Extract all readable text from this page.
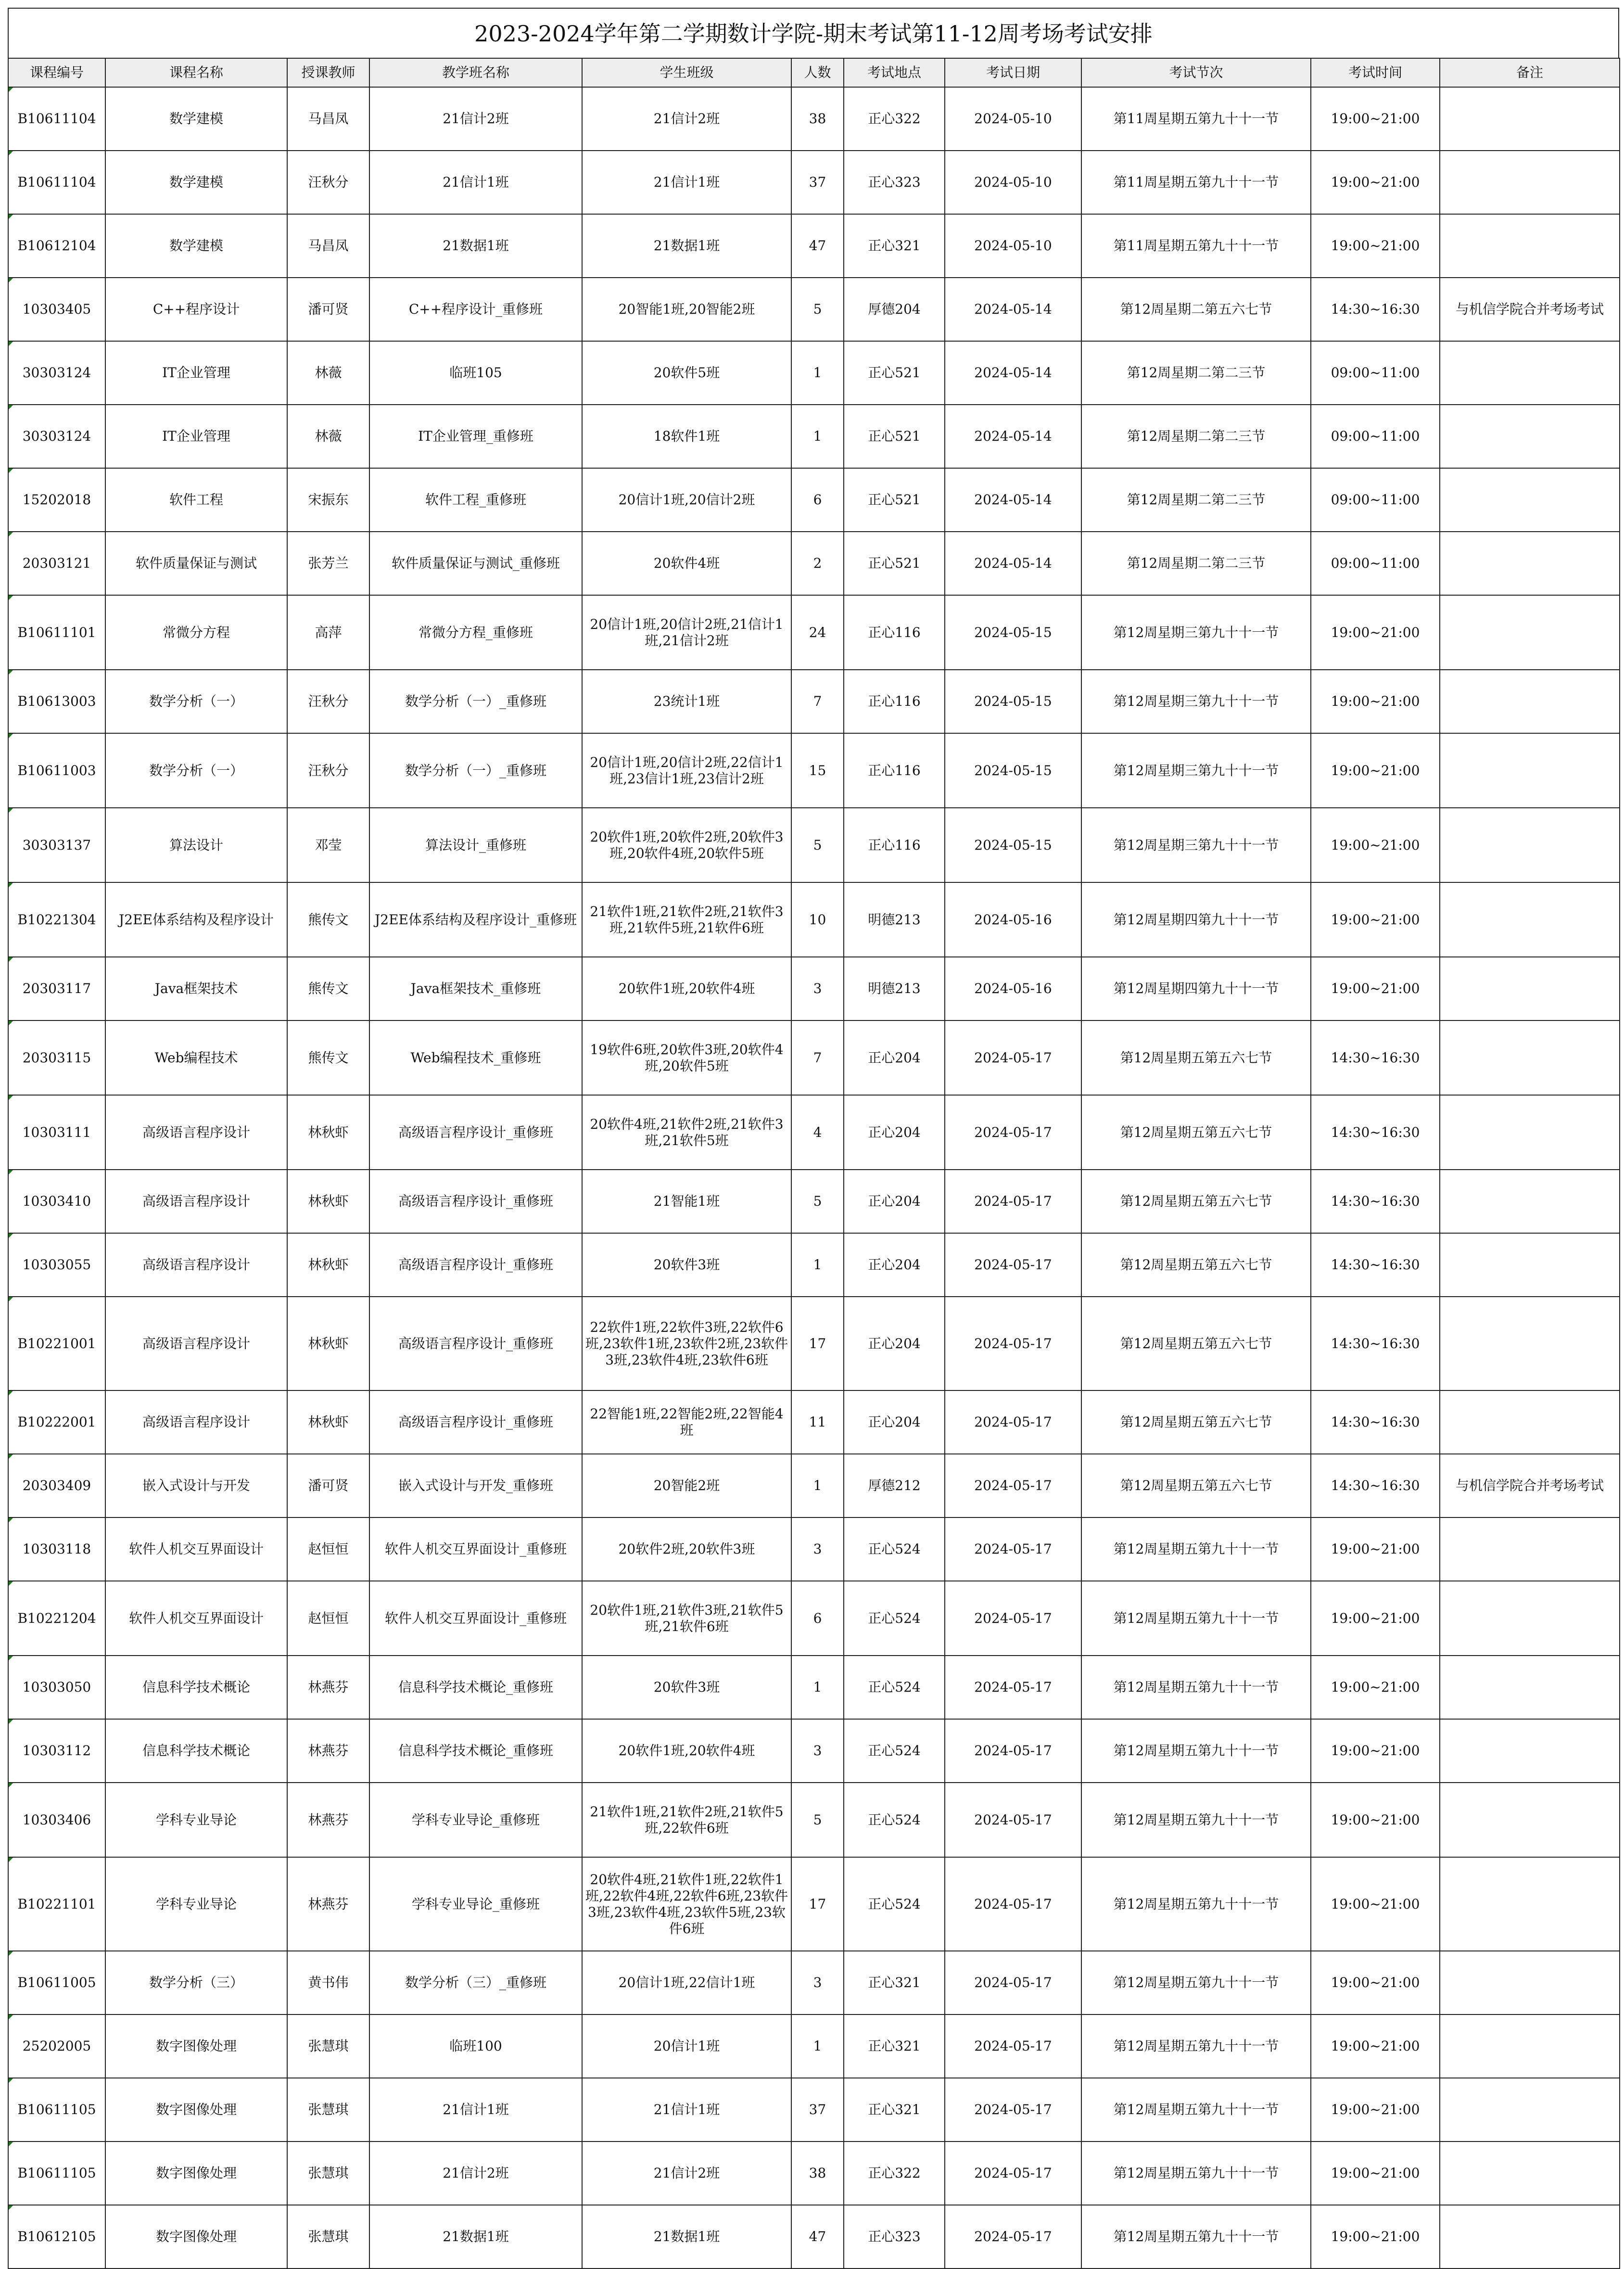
2023-2024学年第二学期数计学院-期末考试第11-12周考场考试安排
课程编号	课程名称	授课教师	教学班名称	学生班级	人数	考试地点	考试日期	考试节次	考试时间	备注
B10611104	数学建模	马昌凤	21信计2班	21信计2班	38	正心322	2024-05-10	第11周星期五第九十十一节	19:00~21:00	
B10611104	数学建模	汪秋分	21信计1班	21信计1班	37	正心323	2024-05-10	第11周星期五第九十十一节	19:00~21:00	
B10612104	数学建模	马昌凤	21数据1班	21数据1班	47	正心321	2024-05-10	第11周星期五第九十十一节	19:00~21:00	
10303405	C++程序设计	潘可贤	C++程序设计_重修班	20智能1班,20智能2班	5	厚德204	2024-05-14	第12周星期二第五六七节	14:30~16:30	与机信学院合并考场考试
30303124	IT企业管理	林薇	临班105	20软件5班	1	正心521	2024-05-14	第12周星期二第二三节	09:00~11:00	
30303124	IT企业管理	林薇	IT企业管理_重修班	18软件1班	1	正心521	2024-05-14	第12周星期二第二三节	09:00~11:00	
15202018	软件工程	宋振东	软件工程_重修班	20信计1班,20信计2班	6	正心521	2024-05-14	第12周星期二第二三节	09:00~11:00	
20303121	软件质量保证与测试	张芳兰	软件质量保证与测试_重修班	20软件4班	2	正心521	2024-05-14	第12周星期二第二三节	09:00~11:00	
B10611101	常微分方程	高萍	常微分方程_重修班	20信计1班,20信计2班,21信计1班,21信计2班	24	正心116	2024-05-15	第12周星期三第九十十一节	19:00~21:00	
B10613003	数学分析（一）	汪秋分	数学分析（一）_重修班	23统计1班	7	正心116	2024-05-15	第12周星期三第九十十一节	19:00~21:00	
B10611003	数学分析（一）	汪秋分	数学分析（一）_重修班	20信计1班,20信计2班,22信计1班,23信计1班,23信计2班	15	正心116	2024-05-15	第12周星期三第九十十一节	19:00~21:00	
30303137	算法设计	邓莹	算法设计_重修班	20软件1班,20软件2班,20软件3班,20软件4班,20软件5班	5	正心116	2024-05-15	第12周星期三第九十十一节	19:00~21:00	
B10221304	J2EE体系结构及程序设计	熊传文	J2EE体系结构及程序设计_重修班	21软件1班,21软件2班,21软件3班,21软件5班,21软件6班	10	明德213	2024-05-16	第12周星期四第九十十一节	19:00~21:00	
20303117	Java框架技术	熊传文	Java框架技术_重修班	20软件1班,20软件4班	3	明德213	2024-05-16	第12周星期四第九十十一节	19:00~21:00	
20303115	Web编程技术	熊传文	Web编程技术_重修班	19软件6班,20软件3班,20软件4班,20软件5班	7	正心204	2024-05-17	第12周星期五第五六七节	14:30~16:30	
10303111	高级语言程序设计	林秋虾	高级语言程序设计_重修班	20软件4班,21软件2班,21软件3班,21软件5班	4	正心204	2024-05-17	第12周星期五第五六七节	14:30~16:30	
10303410	高级语言程序设计	林秋虾	高级语言程序设计_重修班	21智能1班	5	正心204	2024-05-17	第12周星期五第五六七节	14:30~16:30	
10303055	高级语言程序设计	林秋虾	高级语言程序设计_重修班	20软件3班	1	正心204	2024-05-17	第12周星期五第五六七节	14:30~16:30	
B10221001	高级语言程序设计	林秋虾	高级语言程序设计_重修班	22软件1班,22软件3班,22软件6班,23软件1班,23软件2班,23软件3班,23软件4班,23软件6班	17	正心204	2024-05-17	第12周星期五第五六七节	14:30~16:30	
B10222001	高级语言程序设计	林秋虾	高级语言程序设计_重修班	22智能1班,22智能2班,22智能4班	11	正心204	2024-05-17	第12周星期五第五六七节	14:30~16:30	
20303409	嵌入式设计与开发	潘可贤	嵌入式设计与开发_重修班	20智能2班	1	厚德212	2024-05-17	第12周星期五第五六七节	14:30~16:30	与机信学院合并考场考试
10303118	软件人机交互界面设计	赵恒恒	软件人机交互界面设计_重修班	20软件2班,20软件3班	3	正心524	2024-05-17	第12周星期五第九十十一节	19:00~21:00	
B10221204	软件人机交互界面设计	赵恒恒	软件人机交互界面设计_重修班	20软件1班,21软件3班,21软件5班,21软件6班	6	正心524	2024-05-17	第12周星期五第九十十一节	19:00~21:00	
10303050	信息科学技术概论	林燕芬	信息科学技术概论_重修班	20软件3班	1	正心524	2024-05-17	第12周星期五第九十十一节	19:00~21:00	
10303112	信息科学技术概论	林燕芬	信息科学技术概论_重修班	20软件1班,20软件4班	3	正心524	2024-05-17	第12周星期五第九十十一节	19:00~21:00	
10303406	学科专业导论	林燕芬	学科专业导论_重修班	21软件1班,21软件2班,21软件5班,22软件6班	5	正心524	2024-05-17	第12周星期五第九十十一节	19:00~21:00	
B10221101	学科专业导论	林燕芬	学科专业导论_重修班	20软件4班,21软件1班,22软件1班,22软件4班,22软件6班,23软件3班,23软件4班,23软件5班,23软件6班	17	正心524	2024-05-17	第12周星期五第九十十一节	19:00~21:00	
B10611005	数学分析（三）	黄书伟	数学分析（三）_重修班	20信计1班,22信计1班	3	正心321	2024-05-17	第12周星期五第九十十一节	19:00~21:00	
25202005	数字图像处理	张慧琪	临班100	20信计1班	1	正心321	2024-05-17	第12周星期五第九十十一节	19:00~21:00	
B10611105	数字图像处理	张慧琪	21信计1班	21信计1班	37	正心321	2024-05-17	第12周星期五第九十十一节	19:00~21:00	
B10611105	数字图像处理	张慧琪	21信计2班	21信计2班	38	正心322	2024-05-17	第12周星期五第九十十一节	19:00~21:00	
B10612105	数字图像处理	张慧琪	21数据1班	21数据1班	47	正心323	2024-05-17	第12周星期五第九十十一节	19:00~21:00	
